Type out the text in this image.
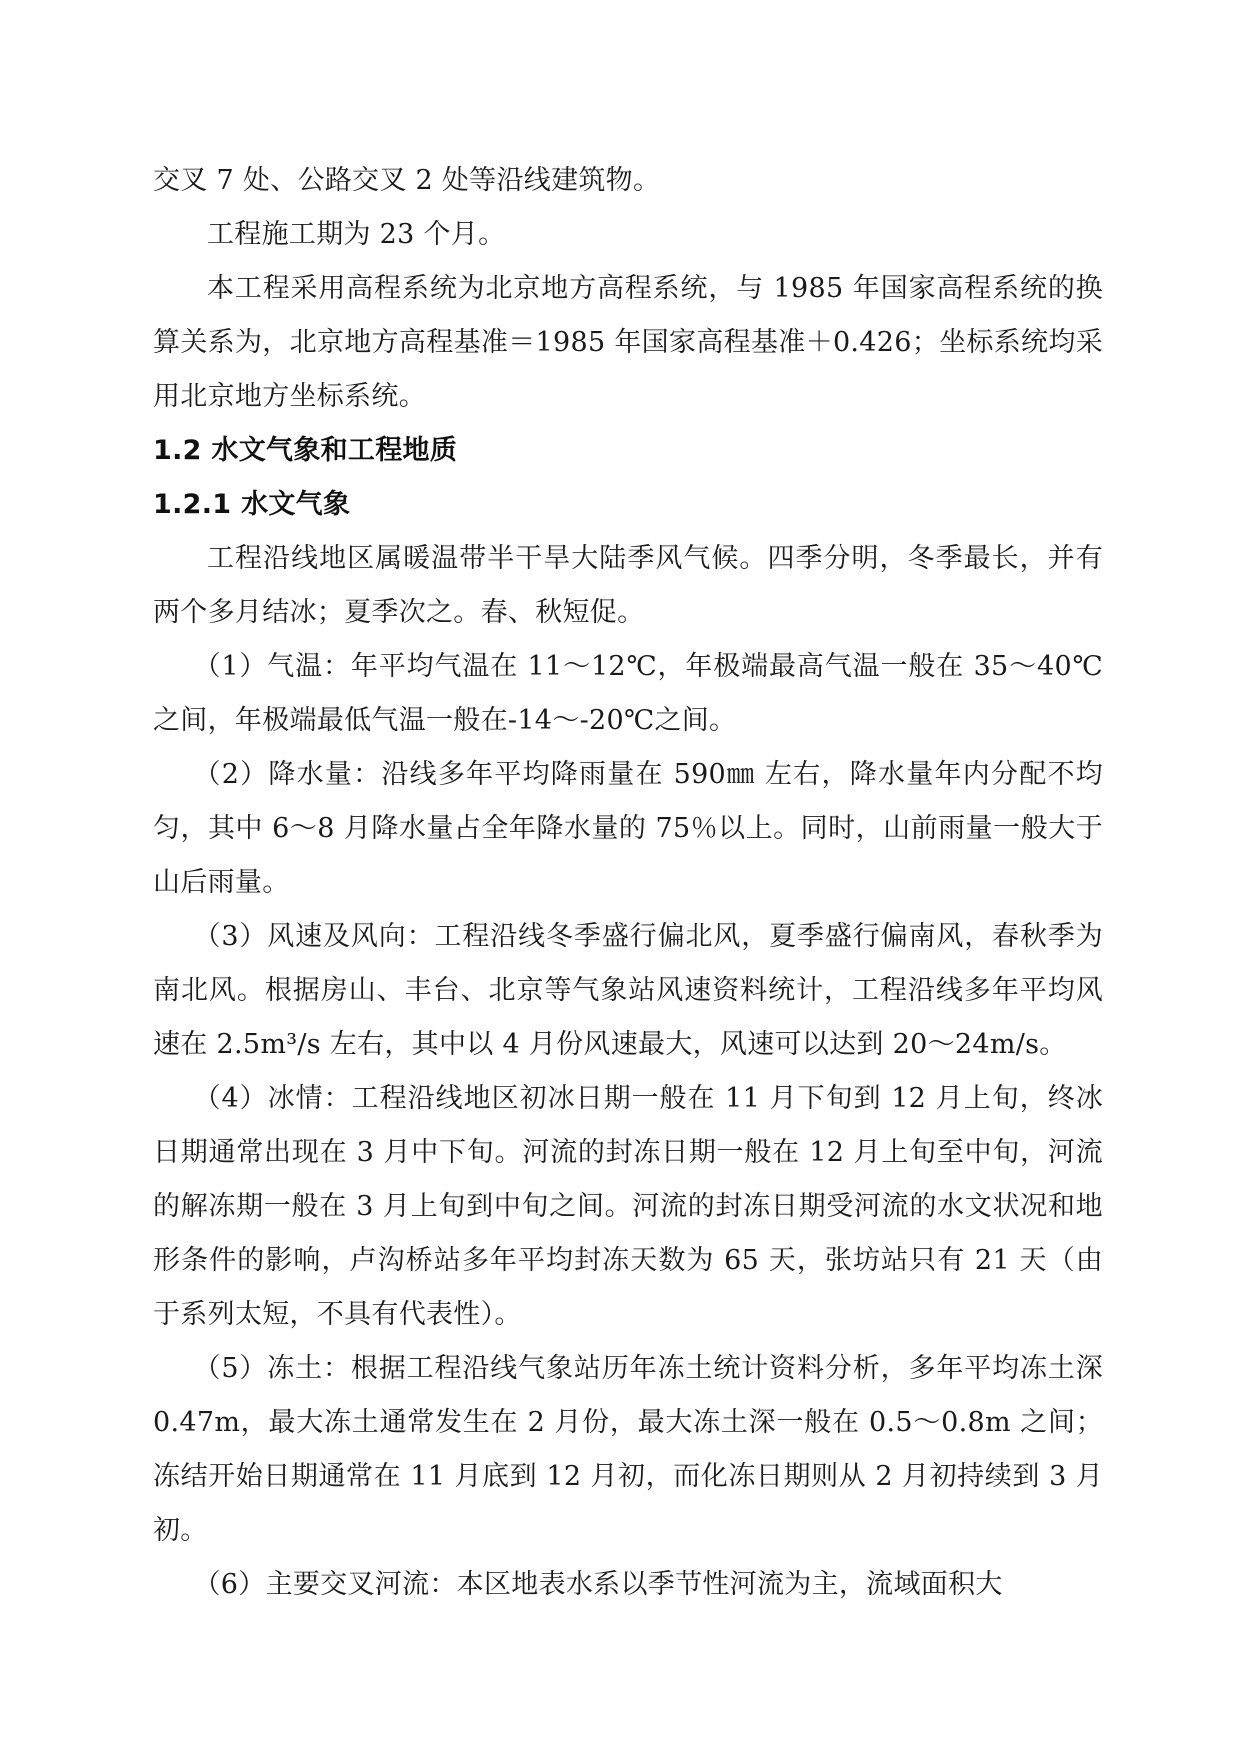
交叉 7 处、公路交叉 2 处等沿线建筑物。

工程施工期为 23 个月。

本工程采用高程系统为北京地方高程系统，与 1985 年国家高程系统的换算关系为，北京地方高程基准＝1985 年国家高程基准＋0.426；坐标系统均采用北京地方坐标系统。

1.2 水文气象和工程地质

1.2.1 水文气象

工程沿线地区属暖温带半干旱大陆季风气候。四季分明，冬季最长，并有两个多月结冰；夏季次之。春、秋短促。

（1）气温：年平均气温在 11～12℃，年极端最高气温一般在 35～40℃之间，年极端最低气温一般在-14～-20℃之间。

（2）降水量：沿线多年平均降雨量在 590㎜ 左右，降水量年内分配不均匀，其中 6～8 月降水量占全年降水量的 75％以上。同时，山前雨量一般大于山后雨量。

（3）风速及风向：工程沿线冬季盛行偏北风，夏季盛行偏南风，春秋季为南北风。根据房山、丰台、北京等气象站风速资料统计，工程沿线多年平均风速在 2.5m³/s 左右，其中以 4 月份风速最大，风速可以达到 20～24m/s。

（4）冰情：工程沿线地区初冰日期一般在 11 月下旬到 12 月上旬，终冰日期通常出现在 3 月中下旬。河流的封冻日期一般在 12 月上旬至中旬，河流的解冻期一般在 3 月上旬到中旬之间。河流的封冻日期受河流的水文状况和地形条件的影响，卢沟桥站多年平均封冻天数为 65 天，张坊站只有 21 天（由于系列太短，不具有代表性）。

（5）冻土：根据工程沿线气象站历年冻土统计资料分析，多年平均冻土深 0.47m，最大冻土通常发生在 2 月份，最大冻土深一般在 0.5～0.8m 之间；冻结开始日期通常在 11 月底到 12 月初，而化冻日期则从 2 月初持续到 3 月初。

（6）主要交叉河流：本区地表水系以季节性河流为主，流域面积大
